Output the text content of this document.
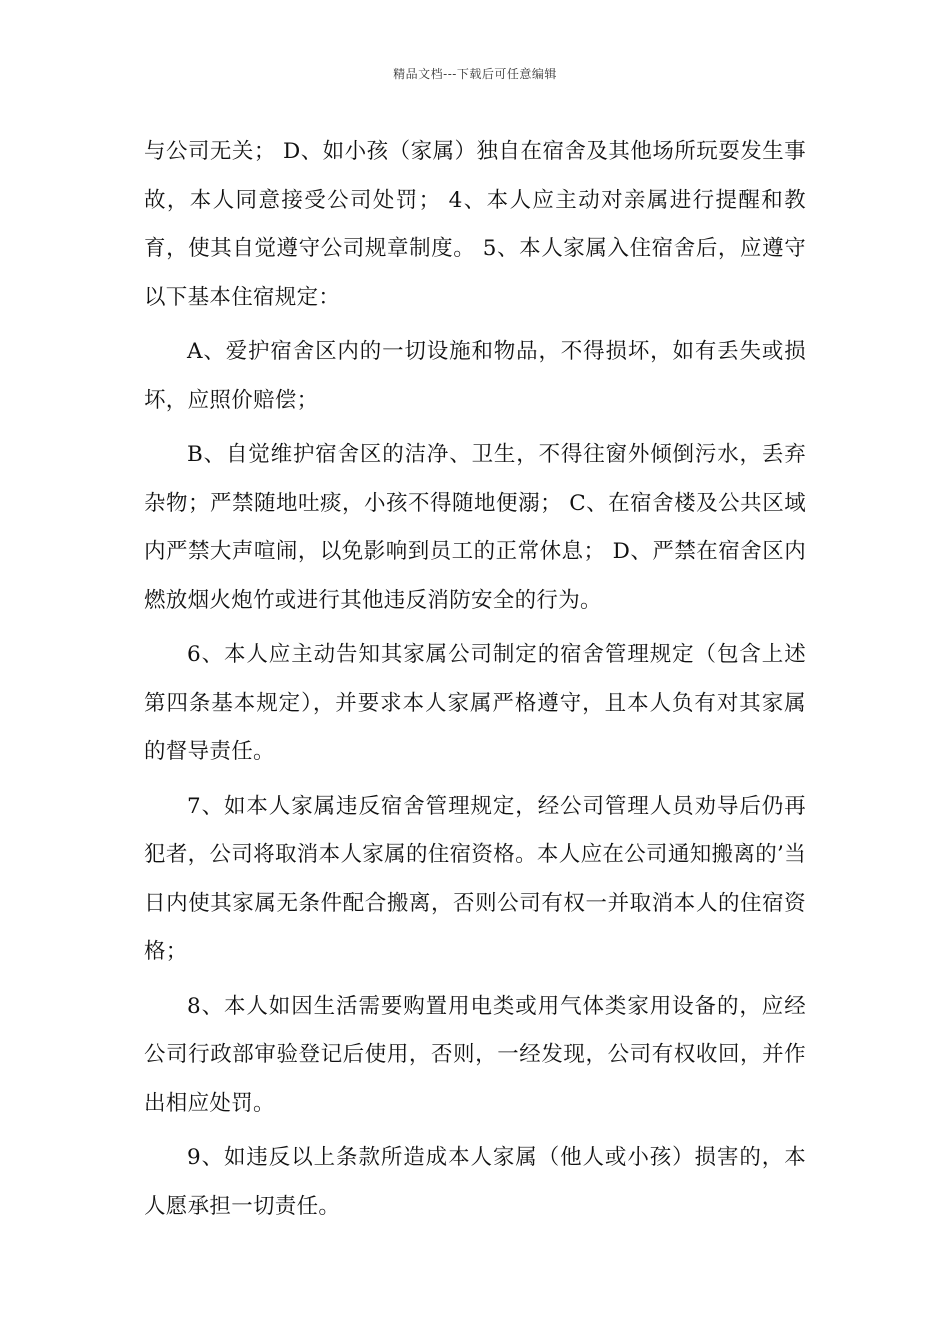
精品文档---下载后可任意编辑

与公司无关； D、如小孩（家属）独自在宿舍及其他场所玩耍发生事故，本人同意接受公司处罚； 4、本人应主动对亲属进行提醒和教育，使其自觉遵守公司规章制度。 5、本人家属入住宿舍后，应遵守以下基本住宿规定：

A、爱护宿舍区内的一切设施和物品，不得损坏，如有丢失或损坏，应照价赔偿；

B、自觉维护宿舍区的洁净、卫生，不得往窗外倾倒污水，丢弃杂物；严禁随地吐痰，小孩不得随地便溺； C、在宿舍楼及公共区域内严禁大声喧闹，以免影响到员工的正常休息； D、严禁在宿舍区内燃放烟火炮竹或进行其他违反消防安全的行为。

6、本人应主动告知其家属公司制定的宿舍管理规定（包含上述第四条基本规定），并要求本人家属严格遵守，且本人负有对其家属的督导责任。

7、如本人家属违反宿舍管理规定，经公司管理人员劝导后仍再犯者，公司将取消本人家属的住宿资格。本人应在公司通知搬离的’当日内使其家属无条件配合搬离，否则公司有权一并取消本人的住宿资格；

8、本人如因生活需要购置用电类或用气体类家用设备的，应经公司行政部审验登记后使用，否则，一经发现，公司有权收回，并作出相应处罚。

9、如违反以上条款所造成本人家属（他人或小孩）损害的，本人愿承担一切责任。
